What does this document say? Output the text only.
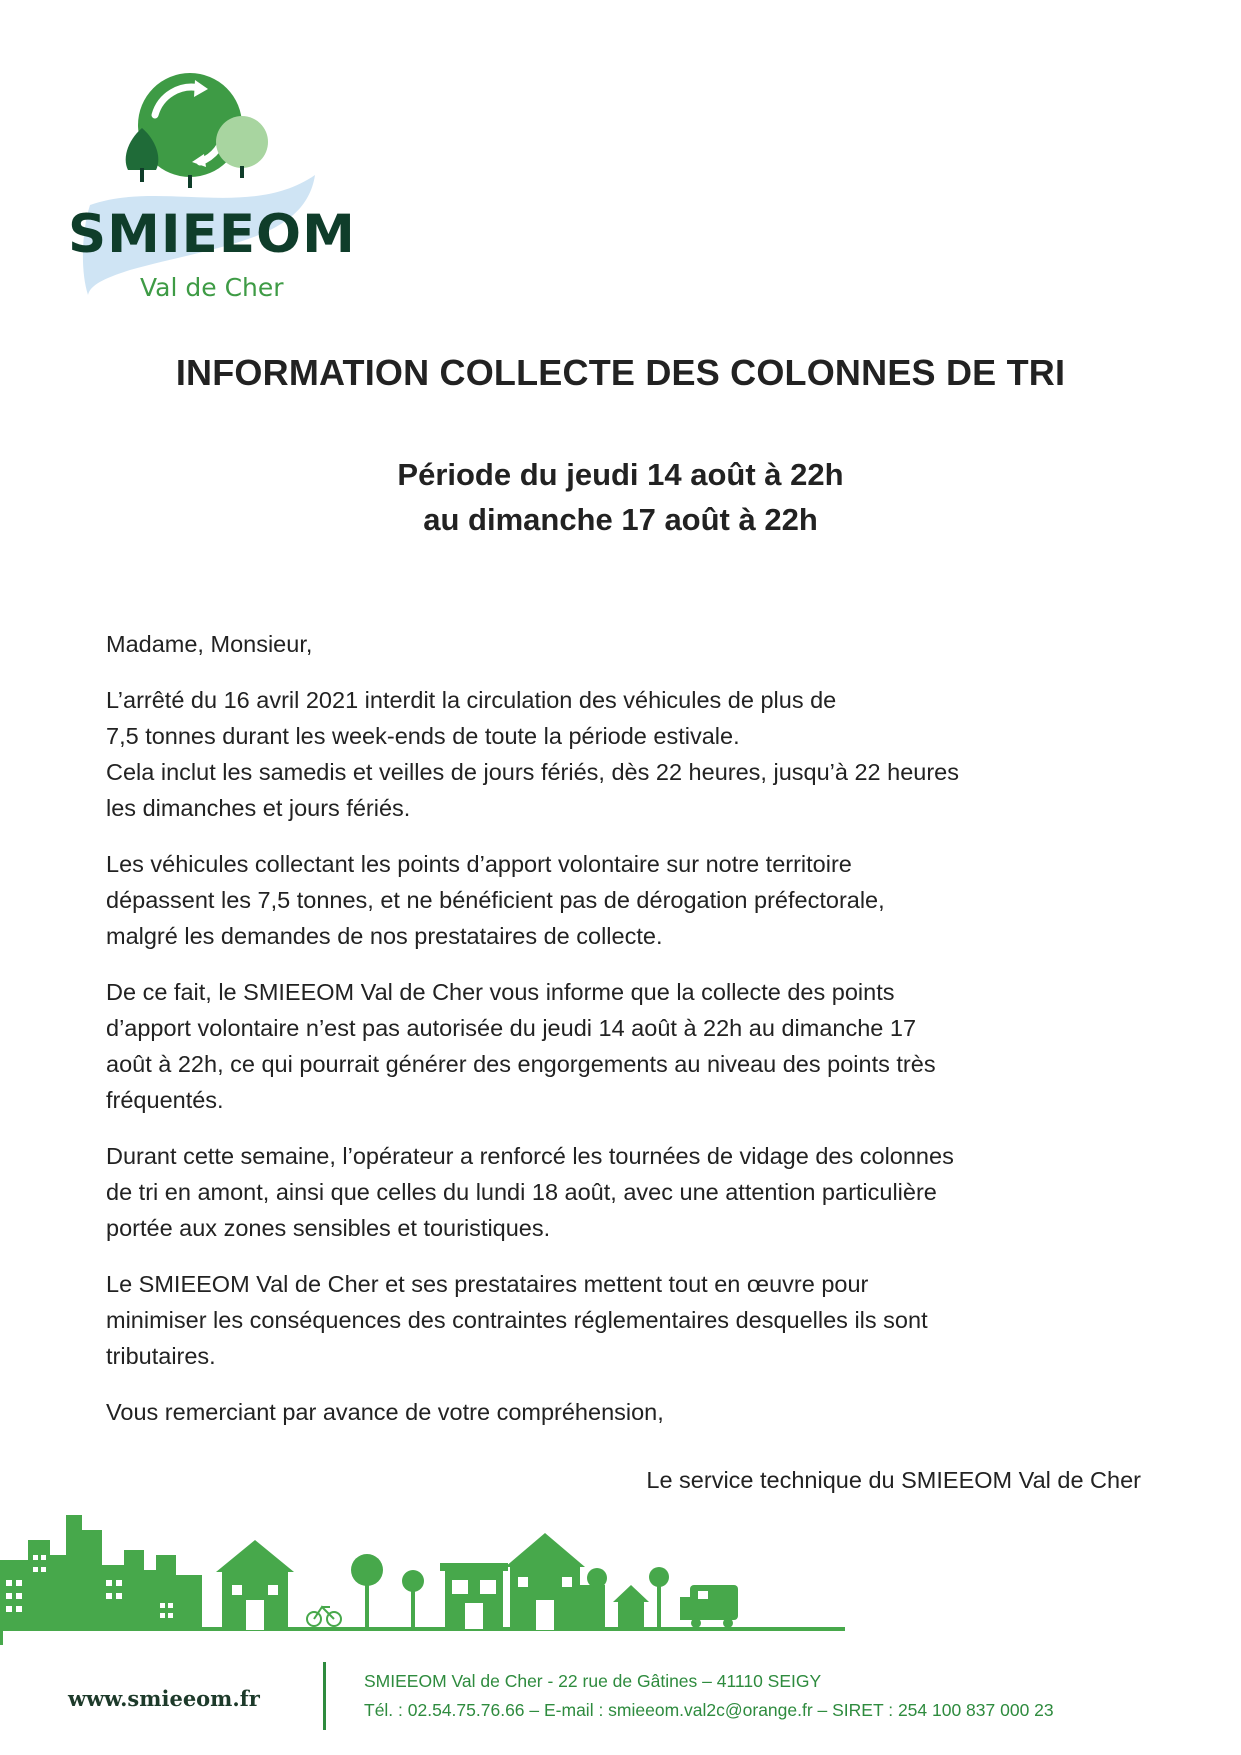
SMIEEOM

Val de Cher

INFORMATION COLLECTE DES COLONNES DE TRI
Période du jeudi 14 août à 22h
au dimanche 17 août à 22h

Madame, Monsieur,

L’arrêté du 16 avril 2021 interdit la circulation des véhicules de plus de
7,5 tonnes durant les week-ends de toute la période estivale.
Cela inclut les samedis et veilles de jours fériés, dès 22 heures, jusqu’à 22 heures
les dimanches et jours fériés.

Les véhicules collectant les points d’apport volontaire sur notre territoire
dépassent les 7,5 tonnes, et ne bénéficient pas de dérogation préfectorale,
malgré les demandes de nos prestataires de collecte.

De ce fait, le SMIEEOM Val de Cher vous informe que la collecte des points
d’apport volontaire n’est pas autorisée du jeudi 14 août à 22h au dimanche 17
août à 22h, ce qui pourrait générer des engorgements au niveau des points très
fréquentés.

Durant cette semaine, l’opérateur a renforcé les tournées de vidage des colonnes
de tri en amont, ainsi que celles du lundi 18 août, avec une attention particulière
portée aux zones sensibles et touristiques.

Le SMIEEOM Val de Cher et ses prestataires mettent tout en œuvre pour
minimiser les conséquences des contraintes réglementaires desquelles ils sont
tributaires.

Vous remerciant par avance de votre compréhension,

Le service technique du SMIEEOM Val de Cher

www.smieeom.fr

SMIEEOM Val de Cher - 22 rue de Gâtines – 41110 SEIGY
Tél. : 02.54.75.76.66 – E-mail : smieeom.val2c@orange.fr – SIRET : 254 100 837 000 23
